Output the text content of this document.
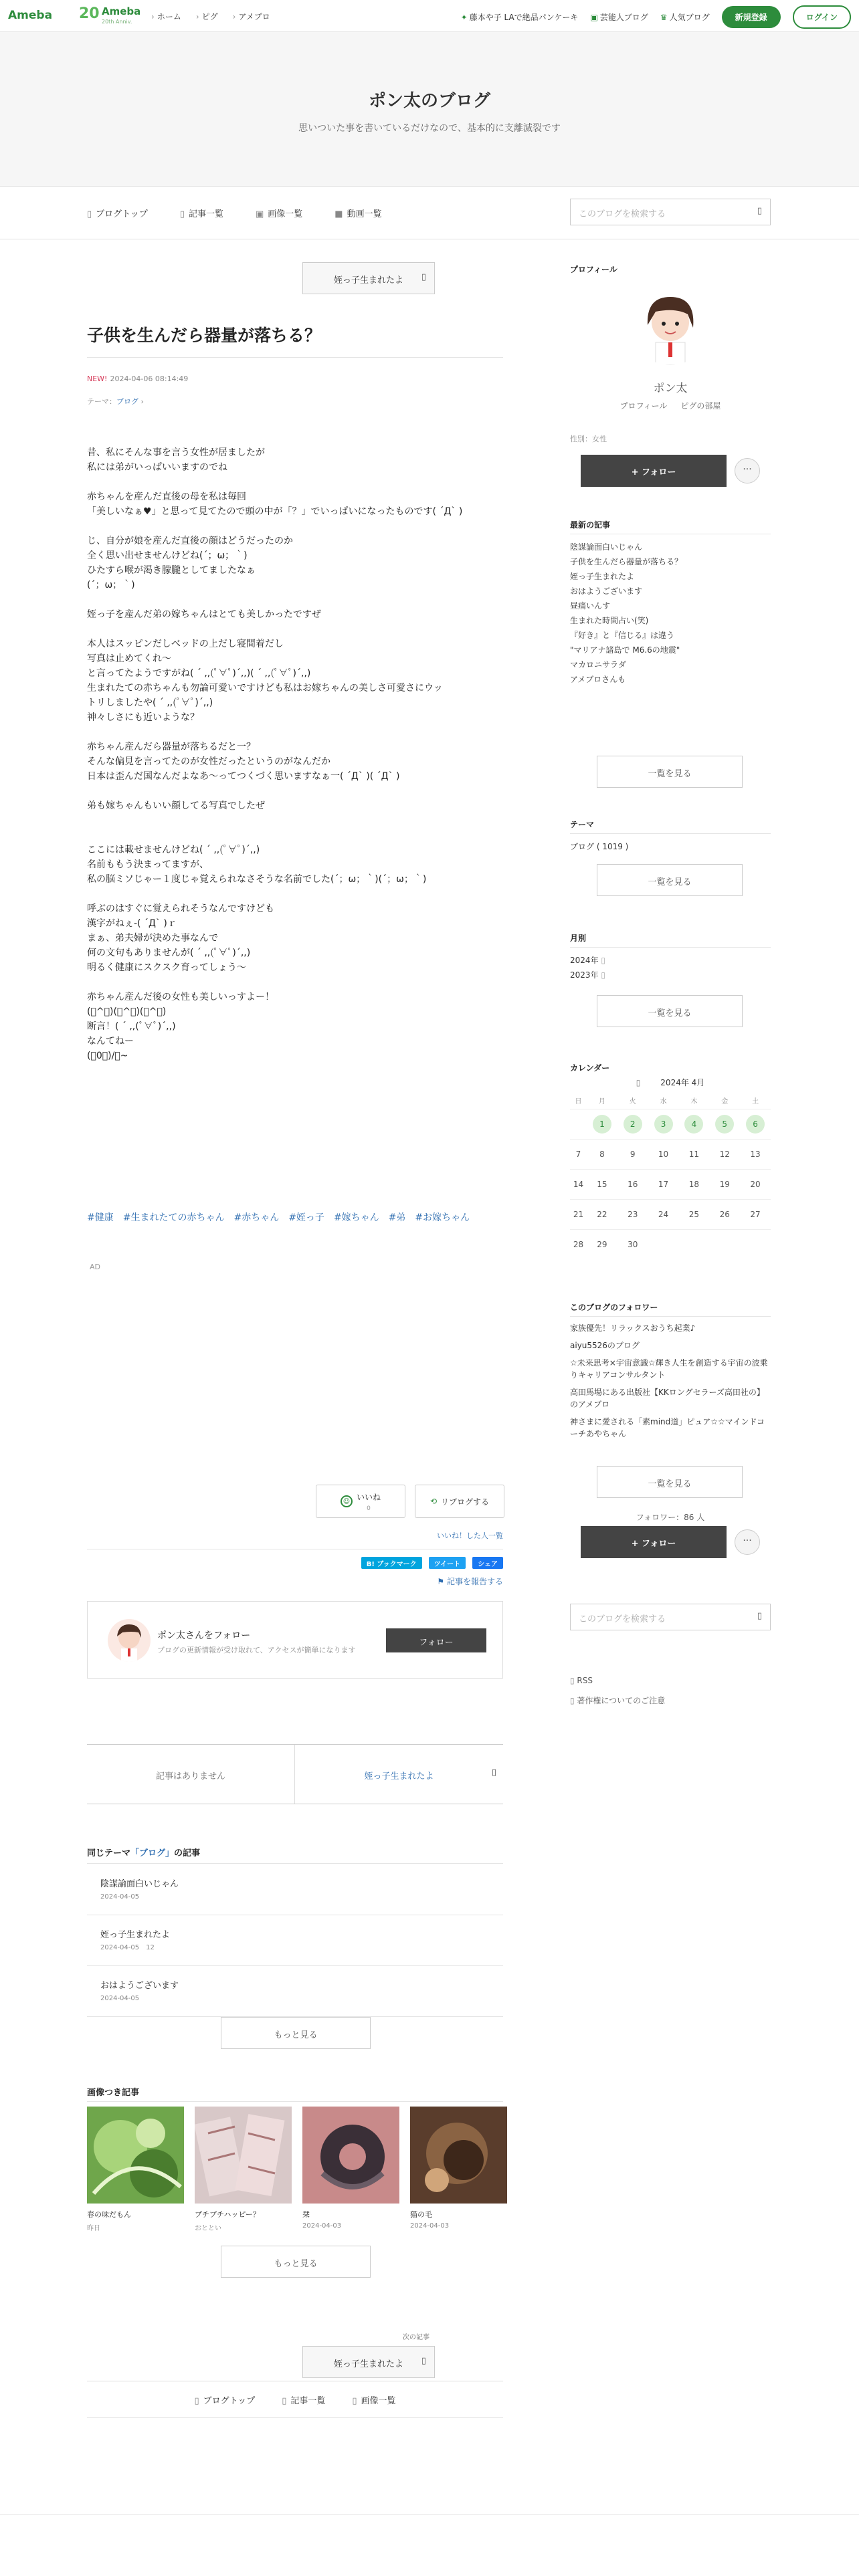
Ameba 20 Ameba
20th Anniv.
› ホーム › ピグ › アメブロ	✦ 藤本や子 LAで絶品パンケーキ ▣ 芸能人ブログ ♛ 人気ブログ	新規登録	ログイン
ポン太のブログ

思いついた事を書いているだけなので、基本的に支離滅裂です

▯ ブログトップ	▯ 記事一覧	▣ 画像一覧	■ 動画一覧	このブログを検索する	▯
姪っ子生まれたよ ▯
子供を生んだら器量が落ちる？
NEW! 2024-04-06 08:14:49
テーマ：ブログ ›
昔、私にそんな事を言う女性が居ましたが
私には弟がいっぱいいますのでね
赤ちゃんを産んだ直後の母を私は毎回
「美しいなぁ♥」と思って見てたので頭の中が「？」でいっぱいになったものです( ´Д` )
じ、自分が娘を産んだ直後の顔はどうだったのか
全く思い出せませんけどね(´；ω；｀)
ひたすら喉が渇き朦朧としてましたなぁ
(´；ω；｀)
姪っ子を産んだ弟の嫁ちゃんはとても美しかったですぜ
本人はスッピンだしベッドの上だし寝間着だし
写真は止めてくれ〜
と言ってたようですがね( ´ ,,(ﾟ∀ﾟ)´,,)( ´ ,,(ﾟ∀ﾟ)´,,)
生まれたての赤ちゃんも勿論可愛いですけども私はお嫁ちゃんの美しさ可愛さにウッ
トリしましたや( ´ ,,(ﾟ∀ﾟ)´,,)
神々しさにも近いような？
赤ちゃん産んだら器量が落ちるだと一？
そんな偏見を言ってたのが女性だったというのがなんだか
日本は歪んだ国なんだよなあ〜ってつくづく思いますなぁ一( ´Д` )( ´Д` )
弟も嫁ちゃんもいい顔してる写真でしたぜ
ここには載せませんけどね( ´ ,,(ﾟ∀ﾟ)´,,)
名前ももう決まってますが、
私の脳ミソじゃー１度じゃ覚えられなさそうな名前でした(´；ω；｀)(´；ω；｀)
呼ぶのはすぐに覚えられそうなんですけども
漢字がねぇ-( ´Д` )ｒ
まぁ、弟夫婦が決めた事なんで
何の文句もありませんが( ´ ,,(ﾟ∀ﾟ)´,,)
明るく健康にスクスク育ってしょう〜
赤ちゃん産んだ後の女性も美しいっすよー！
(ﾟ^ﾟ)(ﾟ^ﾟ)(ﾟ^ﾟ)
断言！( ´ ,,(ﾟ∀ﾟ)´,,)
なんてねー
(ﾟ0ﾟ)/ｰ~
#健康 #生まれたての赤ちゃん #赤ちゃん #姪っ子 #嫁ちゃん #弟 #お嫁ちゃん
AD
☺ いいね
0
⟲ リブログする
いいね！した人一覧
B! ブックマーク	ツイート	シェア
⚑ 記事を報告する
ポン太さんをフォロー
ブログの更新情報が受け取れて、アクセスが簡単になります
フォロー
記事はありません	姪っ子生まれたよ	▯
同じテーマ「ブログ」の記事
陰謀論面白いじゃん
2024-04-05
姪っ子生まれたよ
2024-04-05 12
おはようございます
2024-04-05
もっと見る
画像つき記事
春の味だもん
昨日
プチプチハッピー？
おととい
栞
2024-04-03
猫の毛
2024-04-03
もっと見る
次の記事
姪っ子生まれたよ ▯
▯ ブログトップ	▯ 記事一覧	▯ 画像一覧
プロフィール
ポン太
プロフィール ピグの部屋
性別：女性
+ フォロー	···
最新の記事
陰謀論面白いじゃん
子供を生んだら器量が落ちる？
姪っ子生まれたよ
おはようございます
昼痛いんす
生まれた時間占い(笑)
『好き』と『信じる』は違う
"マリアナ諸島で M6.6の地震"
マカロニサラダ
アメブロさんも
一覧を見る
テーマ
ブログ ( 1019 )
一覧を見る
月別
2024年 ▯
2023年 ▯
一覧を見る
カレンダー
▯	2024年 4月
日	月	火	水	木	金	土
	1	2	3	4	5	6
7	8	9	10	11	12	13
14	15	16	17	18	19	20
21	22	23	24	25	26	27
28	29	30				
このブログのフォロワー
家族優先！リラックスおうち起業♪
aiyu5526のブログ
☆未来思考×宇宙意識☆輝き人生を創造する宇宙の波乗りキャリアコンサルタント
高田馬場にある出版社【KKロングセラーズ高田社の】のアメブロ
神さまに愛される「素mind道」ピュア☆☆マインドコーチあやちゃん
一覧を見る
フォロワー：86 人
+ フォロー	···
このブログを検索する	▯
▯ RSS
▯ 著作権についてのご注意
